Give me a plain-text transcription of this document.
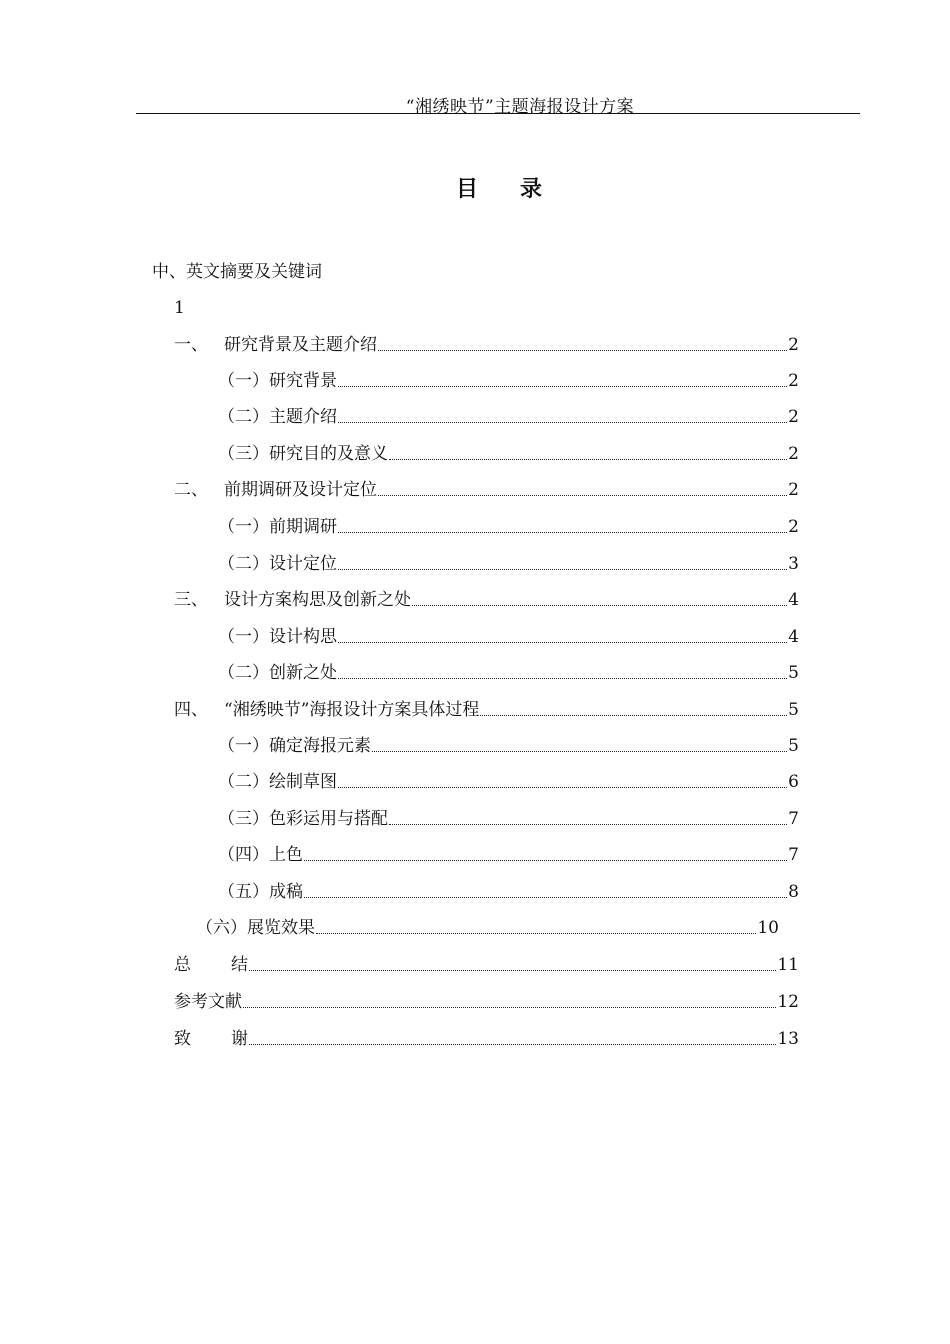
“湘绣映节”主题海报设计方案
目 录
中、英文摘要及关键词
1
一、 研究背景及主题介绍	2
（一）研究背景	2
（二）主题介绍	2
（三）研究目的及意义	2
二、 前期调研及设计定位	2
（一）前期调研	2
（二）设计定位	3
三、 设计方案构思及创新之处	4
（一）设计构思	4
（二）创新之处	5
四、 “湘绣映节”海报设计方案具体过程	5
（一）确定海报元素	5
（二）绘制草图	6
（三）色彩运用与搭配	7
（四）上色	7
（五）成稿	8
（六）展览效果	10
总 结	11
参考文献	12
致 谢	13
